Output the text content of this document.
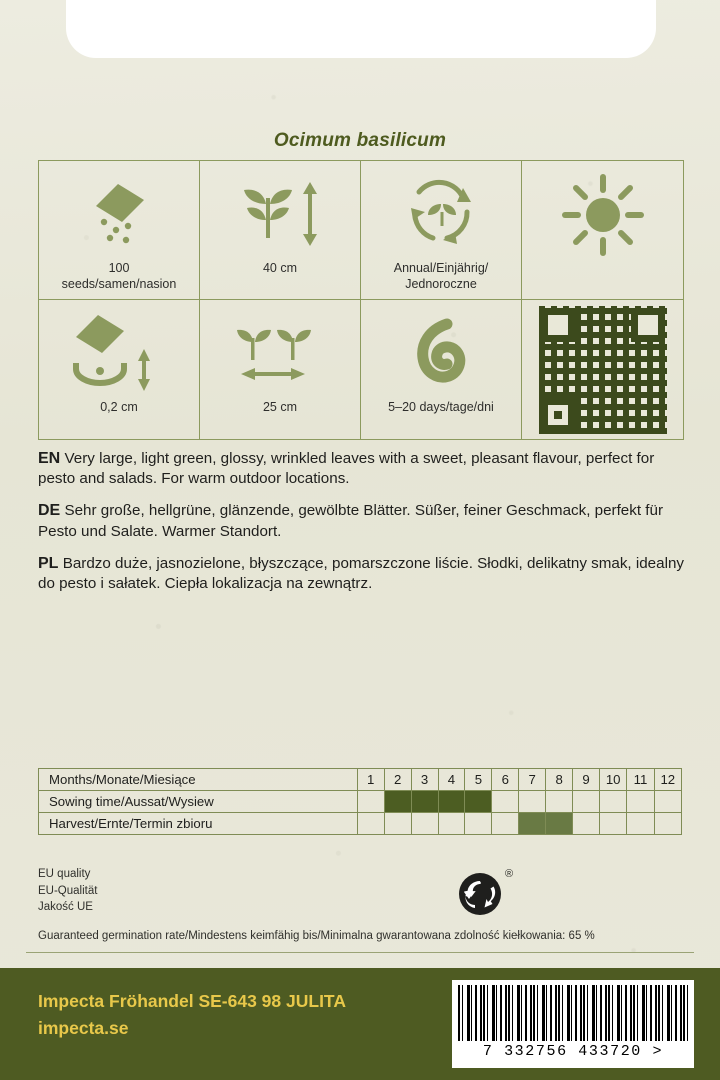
Ocimum basilicum
100
seeds/samen/nasion
40 cm	Annual/Einjährig/
Jednoroczne
0,2 cm	25 cm	5–20 days/tage/dni

EN Very large, light green, glossy, wrinkled leaves with a sweet, pleasant flavour, perfect for pesto and salads. For warm outdoor locations.

DE Sehr große, hellgrüne, glänzende, gewölbte Blätter. Süßer, feiner Geschmack, perfekt für Pesto und Salate. Warmer Standort.

PL Bardzo duże, jasnozielone, błyszczące, pomarszczone liście. Słodki, delikatny smak, idealny do pesto i sałatek. Ciepła lokalizacja na zewnątrz.

Months/Monate/Miesiące	1	2	3	4	5	6	7	8	9	10	11	12
Sowing time/Aussat/Wysiew												
Harvest/Ernte/Termin zbioru												
EU quality
EU-Qualität
Jakość UE
®
Guaranteed germination rate/Mindestens keimfähig bis/Minimalna gwarantowana zdolność kiełkowania: 65 %
Impecta Fröhandel SE-643 98 JULITA
impecta.se
7 332756 433720 >
